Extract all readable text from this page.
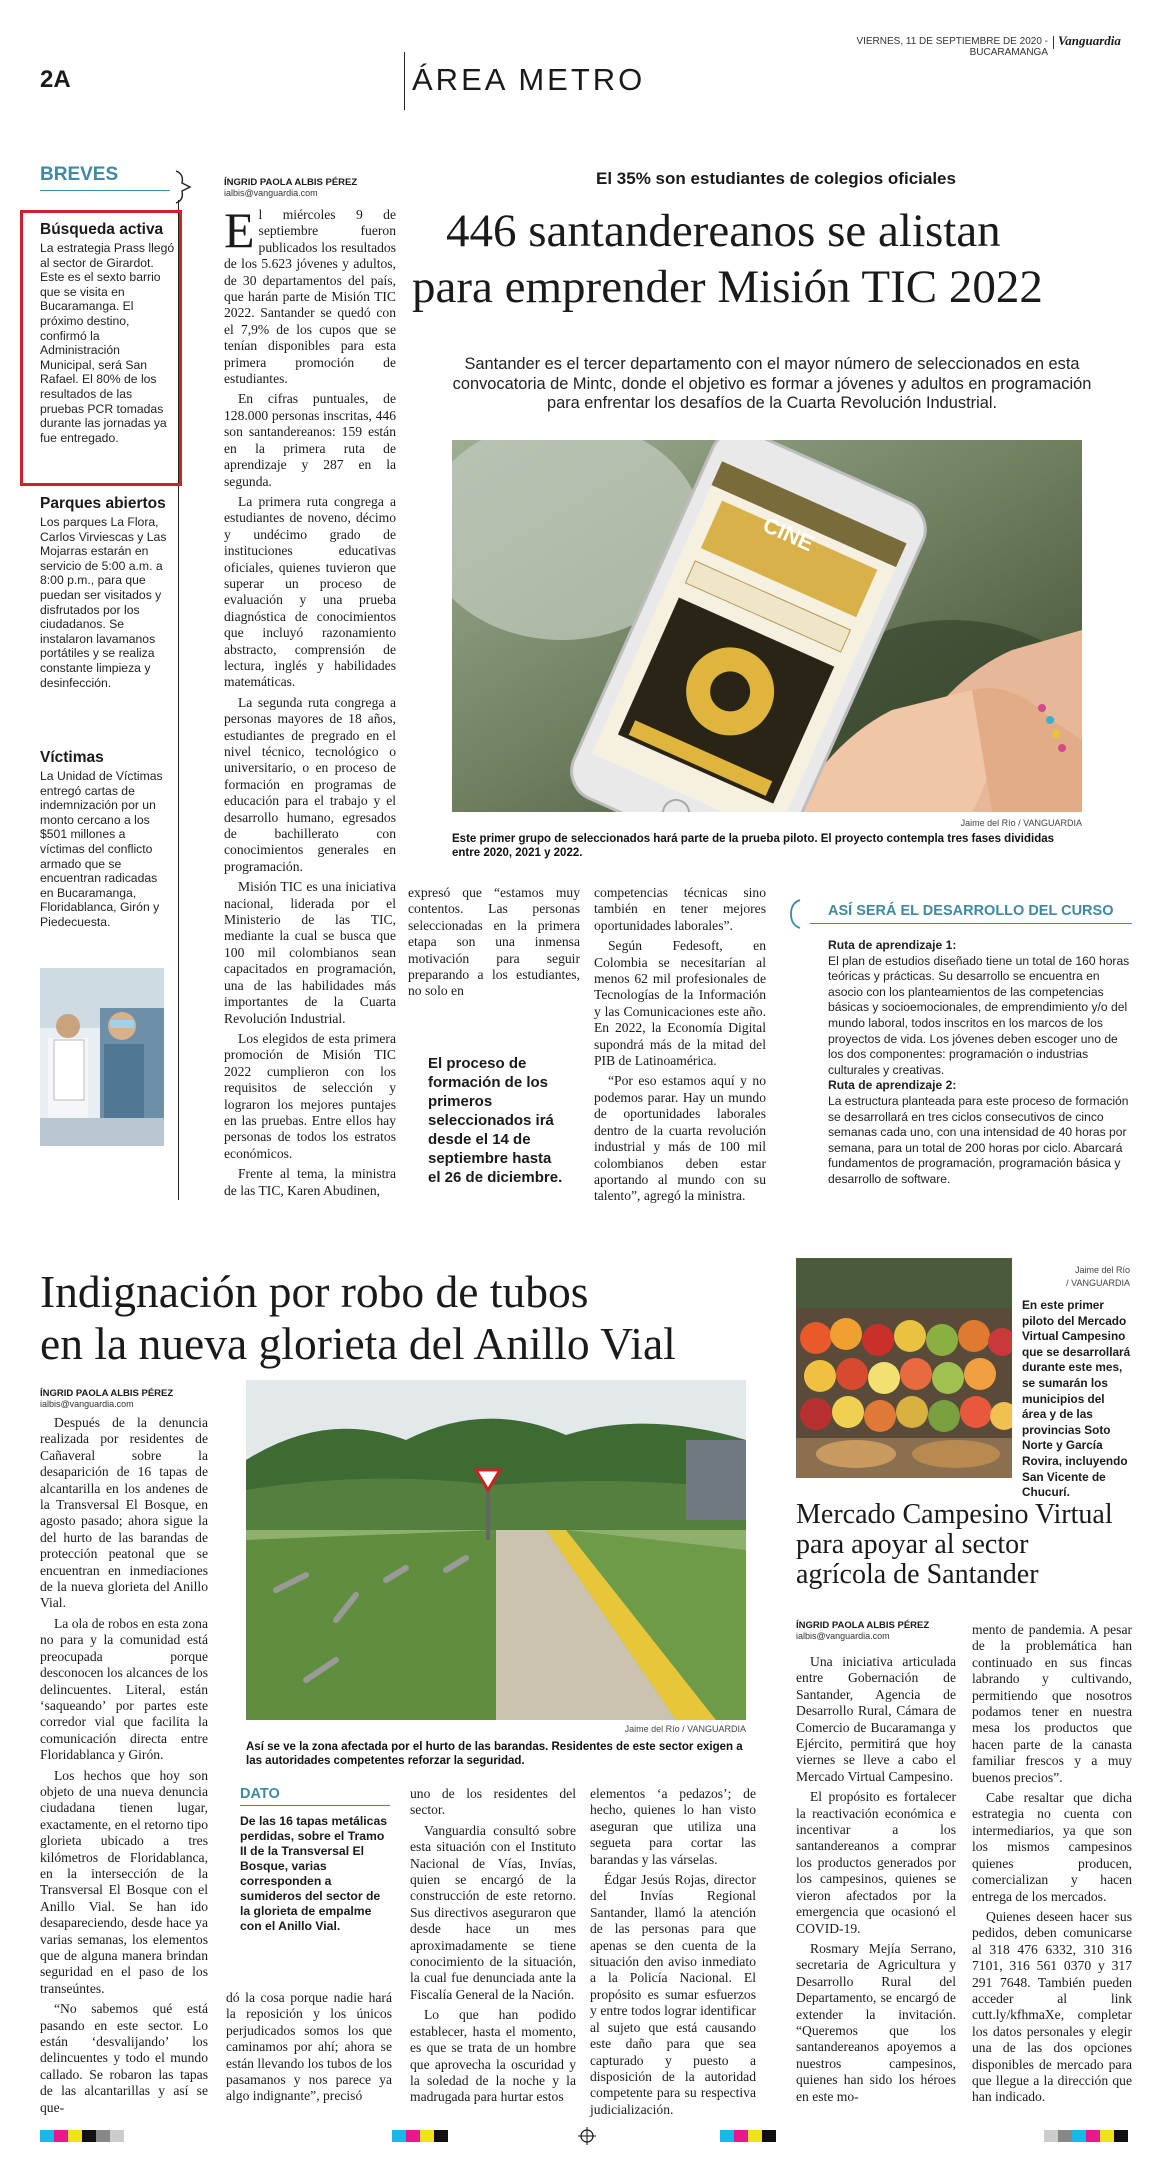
VIERNES, 11 DE SEPTIEMBRE DE 2020 - BUCARAMANGA
Vanguardia
2A	ÁREA METRO
BREVES

Búsqueda activa

La estrategia Prass llegó al sector de Girardot. Este es el sexto barrio que se visita en Bucaramanga. El próximo destino, confirmó la Administración Municipal, será San Rafael. El 80% de los resultados de las pruebas PCR tomadas durante las jornadas ya fue entregado.

Parques abiertos

Los parques La Flora, Carlos Virviescas y Las Mojarras estarán en servicio de 5:00 a.m. a 8:00 p.m., para que puedan ser visitados y disfrutados por los ciudadanos. Se instalaron lavamanos portátiles y se realiza constante limpieza y desinfección.

Víctimas

La Unidad de Víctimas entregó cartas de indemnización por un monto cercano a los $501 millones a víctimas del conflicto armado que se encuentran radicadas en Bucaramanga, Floridablanca, Girón y Piedecuesta.

ÍNGRID PAOLA ALBIS PÉREZ
ialbis@vanguardia.com
El 35% son estudiantes de colegios oficiales
446 santandereanos se alistan
para emprender Misión TIC 2022
Santander es el tercer departamento con el mayor número de seleccionados en esta convocatoria de Mintc, donde el objetivo es formar a jóvenes y adultos en programación para enfrentar los desafíos de la Cuarta Revolución Industrial.
CINE
Jaime del Río / VANGUARDIA
Este primer grupo de seleccionados hará parte de la prueba piloto. El proyecto contempla tres fases divididas entre 2020, 2021 y 2022.

El miércoles 9 de septiembre fueron publicados los resultados de los 5.623 jóvenes y adultos, de 30 departamentos del país, que harán parte de Misión TIC 2022. Santander se quedó con el 7,9% de los cupos que se tenían disponibles para esta primera promoción de estudiantes.

En cifras puntuales, de 128.000 personas inscritas, 446 son santandereanos: 159 están en la primera ruta de aprendizaje y 287 en la segunda.

La primera ruta congrega a estudiantes de noveno, décimo y undécimo grado de instituciones educativas oficiales, quienes tuvieron que superar un proceso de evaluación y una prueba diagnóstica de conocimientos que incluyó razonamiento abstracto, comprensión de lectura, inglés y habilidades matemáticas.

La segunda ruta congrega a personas mayores de 18 años, estudiantes de pregrado en el nivel técnico, tecnológico o universitario, o en proceso de formación en programas de educación para el trabajo y el desarrollo humano, egresados de bachillerato con conocimientos generales en programación.

Misión TIC es una iniciativa nacional, liderada por el Ministerio de las TIC, mediante la cual se busca que 100 mil colombianos sean capacitados en programación, una de las habilidades más importantes de la Cuarta Revolución Industrial.

Los elegidos de esta primera promoción de Misión TIC 2022 cumplieron con los requisitos de selección y lograron los mejores puntajes en las pruebas. Entre ellos hay personas de todos los estratos económicos.

Frente al tema, la ministra de las TIC, Karen Abudinen,

expresó que “estamos muy contentos. Las personas seleccionadas en la primera etapa son una inmensa motivación para seguir preparando a los estudiantes, no solo en

El proceso de formación de los primeros seleccionados irá desde el 14 de septiembre hasta el 26 de diciembre.

competencias técnicas sino también en tener mejores oportunidades laborales”.

Según Fedesoft, en Colombia se necesitarían al menos 62 mil profesionales de Tecnologías de la Información y las Comunicaciones este año. En 2022, la Economía Digital supondrá más de la mitad del PIB de Latinoamérica.

“Por eso estamos aquí y no podemos parar. Hay un mundo de oportunidades laborales dentro de la cuarta revolución industrial y más de 100 mil colombianos deben estar aportando al mundo con su talento”, agregó la ministra.

ASÍ SERÁ EL DESARROLLO DEL CURSO
Ruta de aprendizaje 1:
El plan de estudios diseñado tiene un total de 160 horas teóricas y prácticas. Su desarrollo se encuentra en asocio con los planteamientos de las competencias básicas y socioemocionales, de emprendimiento y/o del mundo laboral, todos inscritos en los marcos de los proyectos de vida. Los jóvenes deben escoger uno de los dos componentes: programación o industrias culturales y creativas.
Ruta de aprendizaje 2:
La estructura planteada para este proceso de formación se desarrollará en tres ciclos consecutivos de cinco semanas cada uno, con una intensidad de 40 horas por semana, para un total de 200 horas por ciclo. Abarcará fundamentos de programación, programación básica y desarrollo de software.
Indignación por robo de tubos
en la nueva glorieta del Anillo Vial
ÍNGRID PAOLA ALBIS PÉREZ
ialbis@vanguardia.com
Jaime del Río / VANGUARDIA
Así se ve la zona afectada por el hurto de las barandas. Residentes de este sector exigen a las autoridades competentes reforzar la seguridad.

Después de la denuncia realizada por residentes de Cañaveral sobre la desaparición de 16 tapas de alcantarilla en los andenes de la Transversal El Bosque, en agosto pasado; ahora sigue la del hurto de las barandas de protección peatonal que se encuentran en inmediaciones de la nueva glorieta del Anillo Vial.

La ola de robos en esta zona no para y la comunidad está preocupada porque desconocen los alcances de los delincuentes. Literal, están ‘saqueando’ por partes este corredor vial que facilita la comunicación directa entre Floridablanca y Girón.

Los hechos que hoy son objeto de una nueva denuncia ciudadana tienen lugar, exactamente, en el retorno tipo glorieta ubicado a tres kilómetros de Floridablanca, en la intersección de la Transversal El Bosque con el Anillo Vial. Se han ido desapareciendo, desde hace ya varias semanas, los elementos que de alguna manera brindan seguridad en el paso de los transeúntes.

“No sabemos qué está pasando en este sector. Lo están ‘desvalijando’ los delincuentes y todo el mundo callado. Se robaron las tapas de las alcantarillas y así se que-

DATO
De las 16 tapas metálicas perdidas, sobre el Tramo II de la Transversal El Bosque, varias corresponden a sumideros del sector de la glorieta de empalme con el Anillo Vial.

dó la cosa porque nadie hará la reposición y los únicos perjudicados somos los que caminamos por ahí; ahora se están llevando los tubos de los pasamanos y nos parece ya algo indignante”, precisó

uno de los residentes del sector.

Vanguardia consultó sobre esta situación con el Instituto Nacional de Vías, Invías, quien se encargó de la construcción de este retorno. Sus directivos aseguraron que desde hace un mes aproximadamente se tiene conocimiento de la situación, la cual fue denunciada ante la Fiscalía General de la Nación.

Lo que han podido establecer, hasta el momento, es que se trata de un hombre que aprovecha la oscuridad y la soledad de la noche y la madrugada para hurtar estos

elementos ‘a pedazos’; de hecho, quienes lo han visto aseguran que utiliza una segueta para cortar las barandas y las várselas.

Édgar Jesús Rojas, director del Invías Regional Santander, llamó la atención de las personas para que apenas se den cuenta de la situación den aviso inmediato a la Policía Nacional. El propósito es sumar esfuerzos y entre todos lograr identificar al sujeto que está causando este daño para que sea capturado y puesto a disposición de la autoridad competente para su respectiva judicialización.

Jaime del Río
/ VANGUARDIA
En este primer piloto del Mercado Virtual Campesino que se desarrollará durante este mes, se sumarán los municipios del área y de las provincias Soto Norte y García Rovira, incluyendo San Vicente de Chucurí.
Mercado Campesino Virtual
para apoyar al sector
agrícola de Santander
ÍNGRID PAOLA ALBIS PÉREZ
ialbis@vanguardia.com

Una iniciativa articulada entre Gobernación de Santander, Agencia de Desarrollo Rural, Cámara de Comercio de Bucaramanga y Ejército, permitirá que hoy viernes se lleve a cabo el Mercado Virtual Campesino.

El propósito es fortalecer la reactivación económica e incentivar a los santandereanos a comprar los productos generados por los campesinos, quienes se vieron afectados por la emergencia que ocasionó el COVID-19.

Rosmary Mejía Serrano, secretaria de Agricultura y Desarrollo Rural del Departamento, se encargó de extender la invitación. “Queremos que los santandereanos apoyemos a nuestros campesinos, quienes han sido los héroes en este mo-

mento de pandemia. A pesar de la problemática han continuado en sus fincas labrando y cultivando, permitiendo que nosotros podamos tener en nuestra mesa los productos que hacen parte de la canasta familiar frescos y a muy buenos precios”.

Cabe resaltar que dicha estrategia no cuenta con intermediarios, ya que son los mismos campesinos quienes producen, comercializan y hacen entrega de los mercados.

Quienes deseen hacer sus pedidos, deben comunicarse al 318 476 6332, 310 316 7101, 316 561 0370 y 317 291 7648. También pueden acceder al link cutt.ly/kfhmaXe, completar los datos personales y elegir una de las dos opciones disponibles de mercado para que llegue a la dirección que han indicado.
